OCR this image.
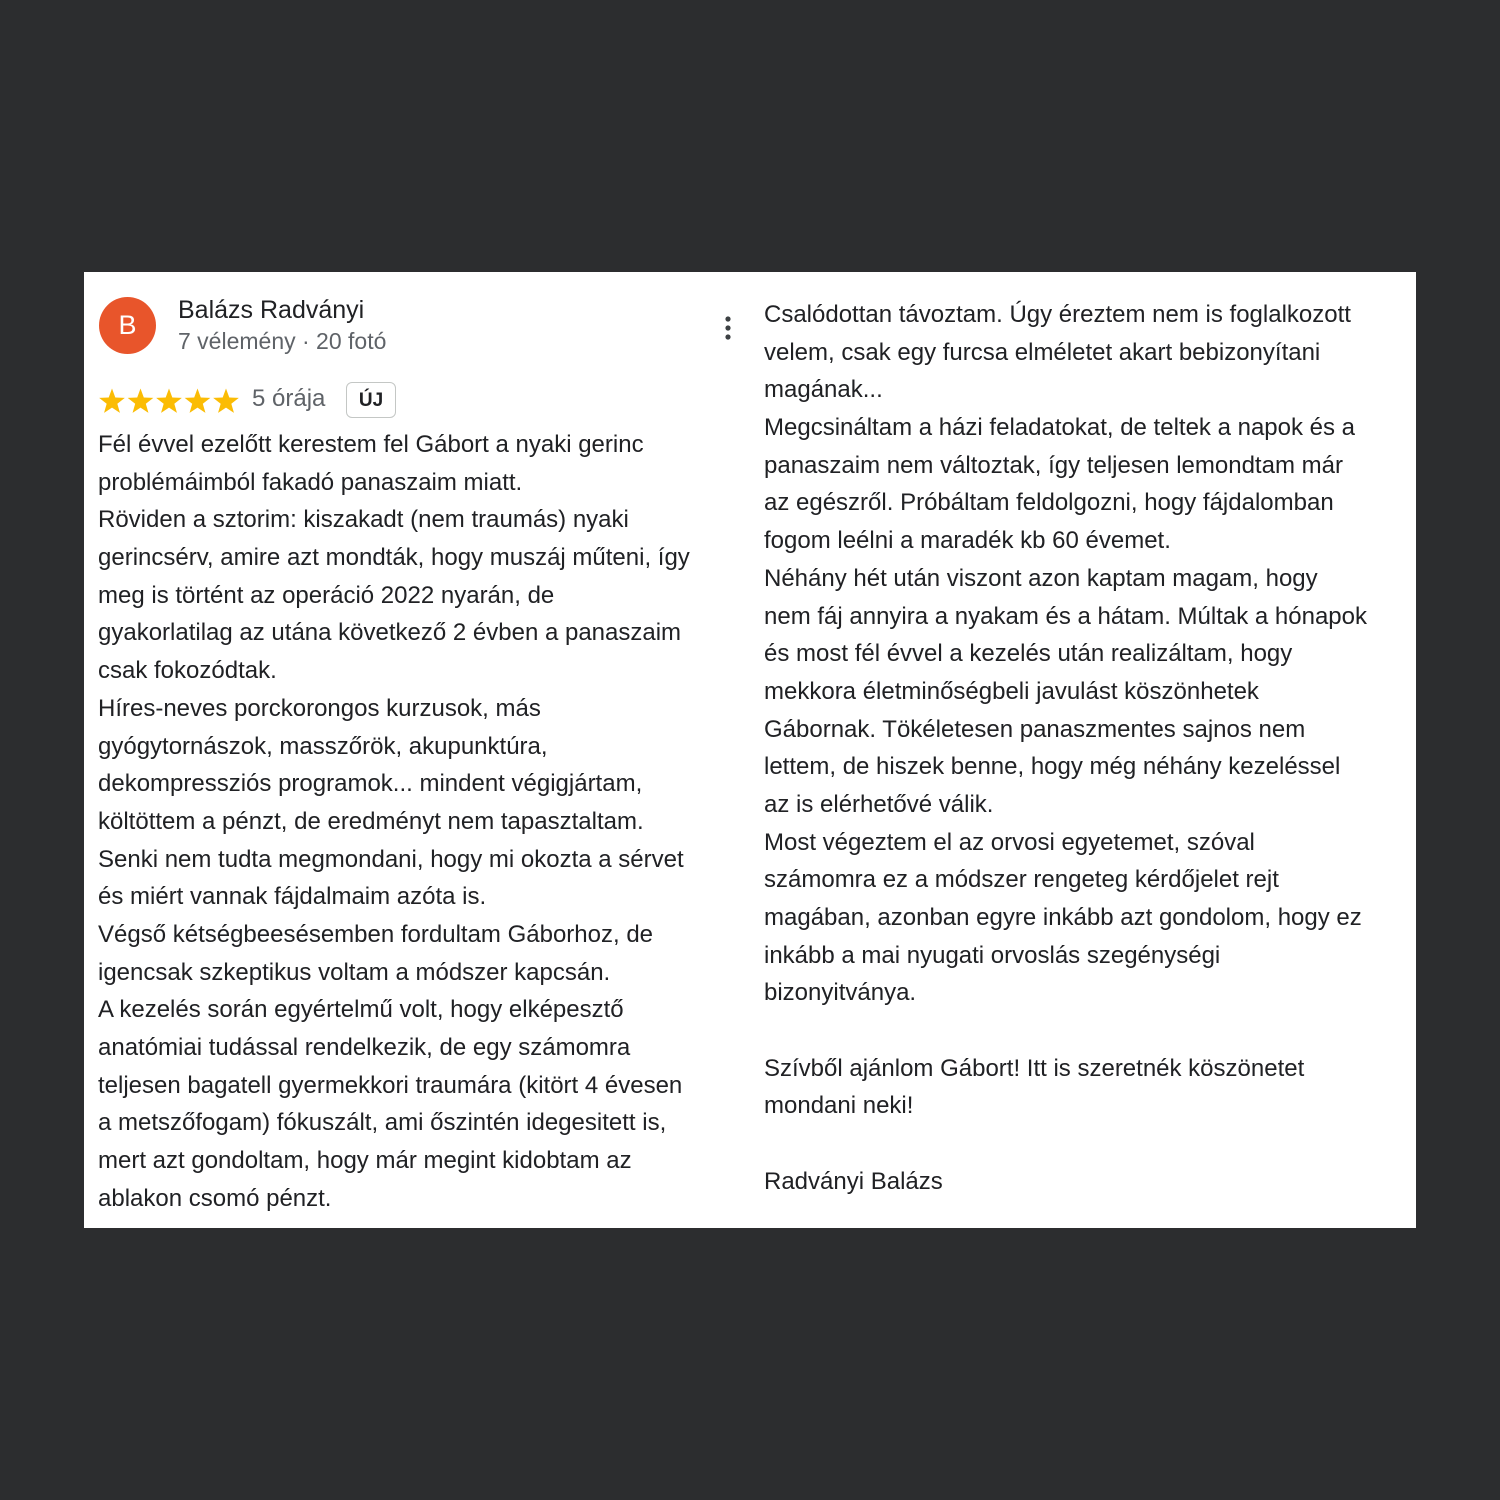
B	Balázs Radványi
7 vélemény · 20 fotó
5 órája	ÚJ
Fél évvel ezelőtt kerestem fel Gábort a nyaki gerinc
problémáimból fakadó panaszaim miatt.
Röviden a sztorim: kiszakadt (nem traumás) nyaki
gerincsérv, amire azt mondták, hogy muszáj műteni, így
meg is történt az operáció 2022 nyarán, de
gyakorlatilag az utána következő 2 évben a panaszaim
csak fokozódtak.
Híres-neves porckorongos kurzusok, más
gyógytornászok, masszőrök, akupunktúra,
dekompressziós programok... mindent végigjártam,
költöttem a pénzt, de eredményt nem tapasztaltam.
Senki nem tudta megmondani, hogy mi okozta a sérvet
és miért vannak fájdalmaim azóta is.
Végső kétségbeesésemben fordultam Gáborhoz, de
igencsak szkeptikus voltam a módszer kapcsán.
A kezelés során egyértelmű volt, hogy elképesztő
anatómiai tudással rendelkezik, de egy számomra
teljesen bagatell gyermekkori traumára (kitört 4 évesen
a metszőfogam) fókuszált, ami őszintén idegesitett is,
mert azt gondoltam, hogy már megint kidobtam az
ablakon csomó pénzt.
Csalódottan távoztam. Úgy éreztem nem is foglalkozott
velem, csak egy furcsa elméletet akart bebizonyítani
magának...
Megcsináltam a házi feladatokat, de teltek a napok és a
panaszaim nem változtak, így teljesen lemondtam már
az egészről. Próbáltam feldolgozni, hogy fájdalomban
fogom leélni a maradék kb 60 évemet.
Néhány hét után viszont azon kaptam magam, hogy
nem fáj annyira a nyakam és a hátam. Múltak a hónapok
és most fél évvel a kezelés után realizáltam, hogy
mekkora életminőségbeli javulást köszönhetek
Gábornak. Tökéletesen panaszmentes sajnos nem
lettem, de hiszek benne, hogy még néhány kezeléssel
az is elérhetővé válik.
Most végeztem el az orvosi egyetemet, szóval
számomra ez a módszer rengeteg kérdőjelet rejt
magában, azonban egyre inkább azt gondolom, hogy ez
inkább a mai nyugati orvoslás szegénységi
bizonyitványa.
Szívből ajánlom Gábort! Itt is szeretnék köszönetet
mondani neki!
Radványi Balázs
